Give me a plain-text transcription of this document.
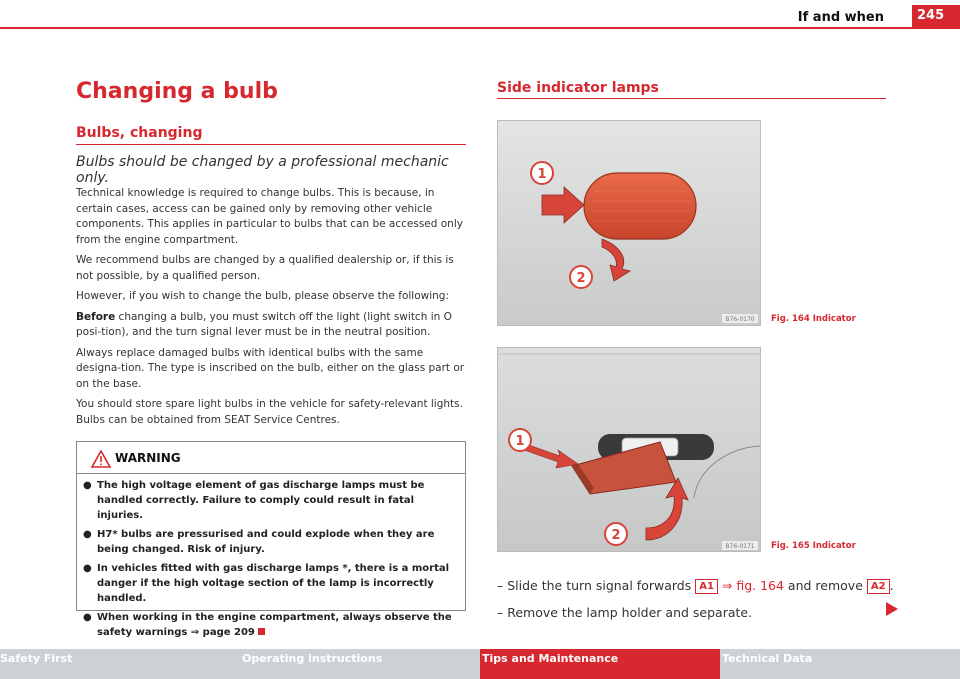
If and when	245
Changing a bulb
Bulbs, changing
Bulbs should be changed by a professional mechanic only.

Technical knowledge is required to change bulbs. This is because, in certain cases, access can be gained only by removing other vehicle components. This applies in particular to bulbs that can be accessed only from the engine compartment.

We recommend bulbs are changed by a qualified dealership or, if this is not possible, by a qualified person.

However, if you wish to change the bulb, please observe the following:

Before changing a bulb, you must switch off the light (light switch in O posi-tion), and the turn signal lever must be in the neutral position.

Always replace damaged bulbs with identical bulbs with the same designa-tion. The type is inscribed on the bulb, either on the glass part or on the base.

You should store spare light bulbs in the vehicle for safety-relevant lights. Bulbs can be obtained from SEAT Service Centres.

WARNING
● The high voltage element of gas discharge lamps must be handled correctly. Failure to comply could result in fatal injuries.
● H7* bulbs are pressurised and could explode when they are being changed. Risk of injury.
● In vehicles fitted with gas discharge lamps *, there is a mortal danger if the high voltage section of the lamp is incorrectly handled.
● When working in the engine compartment, always observe the safety warnings ⇒ page 209
Side indicator lamps
1
2
B76-0170 Fig. 164 Indicator
1
2
B76-0171 Fig. 165 Indicator
– Slide the turn signal forwards A1 ⇒ fig. 164 and remove A2 .
– Remove the lamp holder and separate.
Safety First	Operating instructions	Tips and Maintenance	Technical Data
